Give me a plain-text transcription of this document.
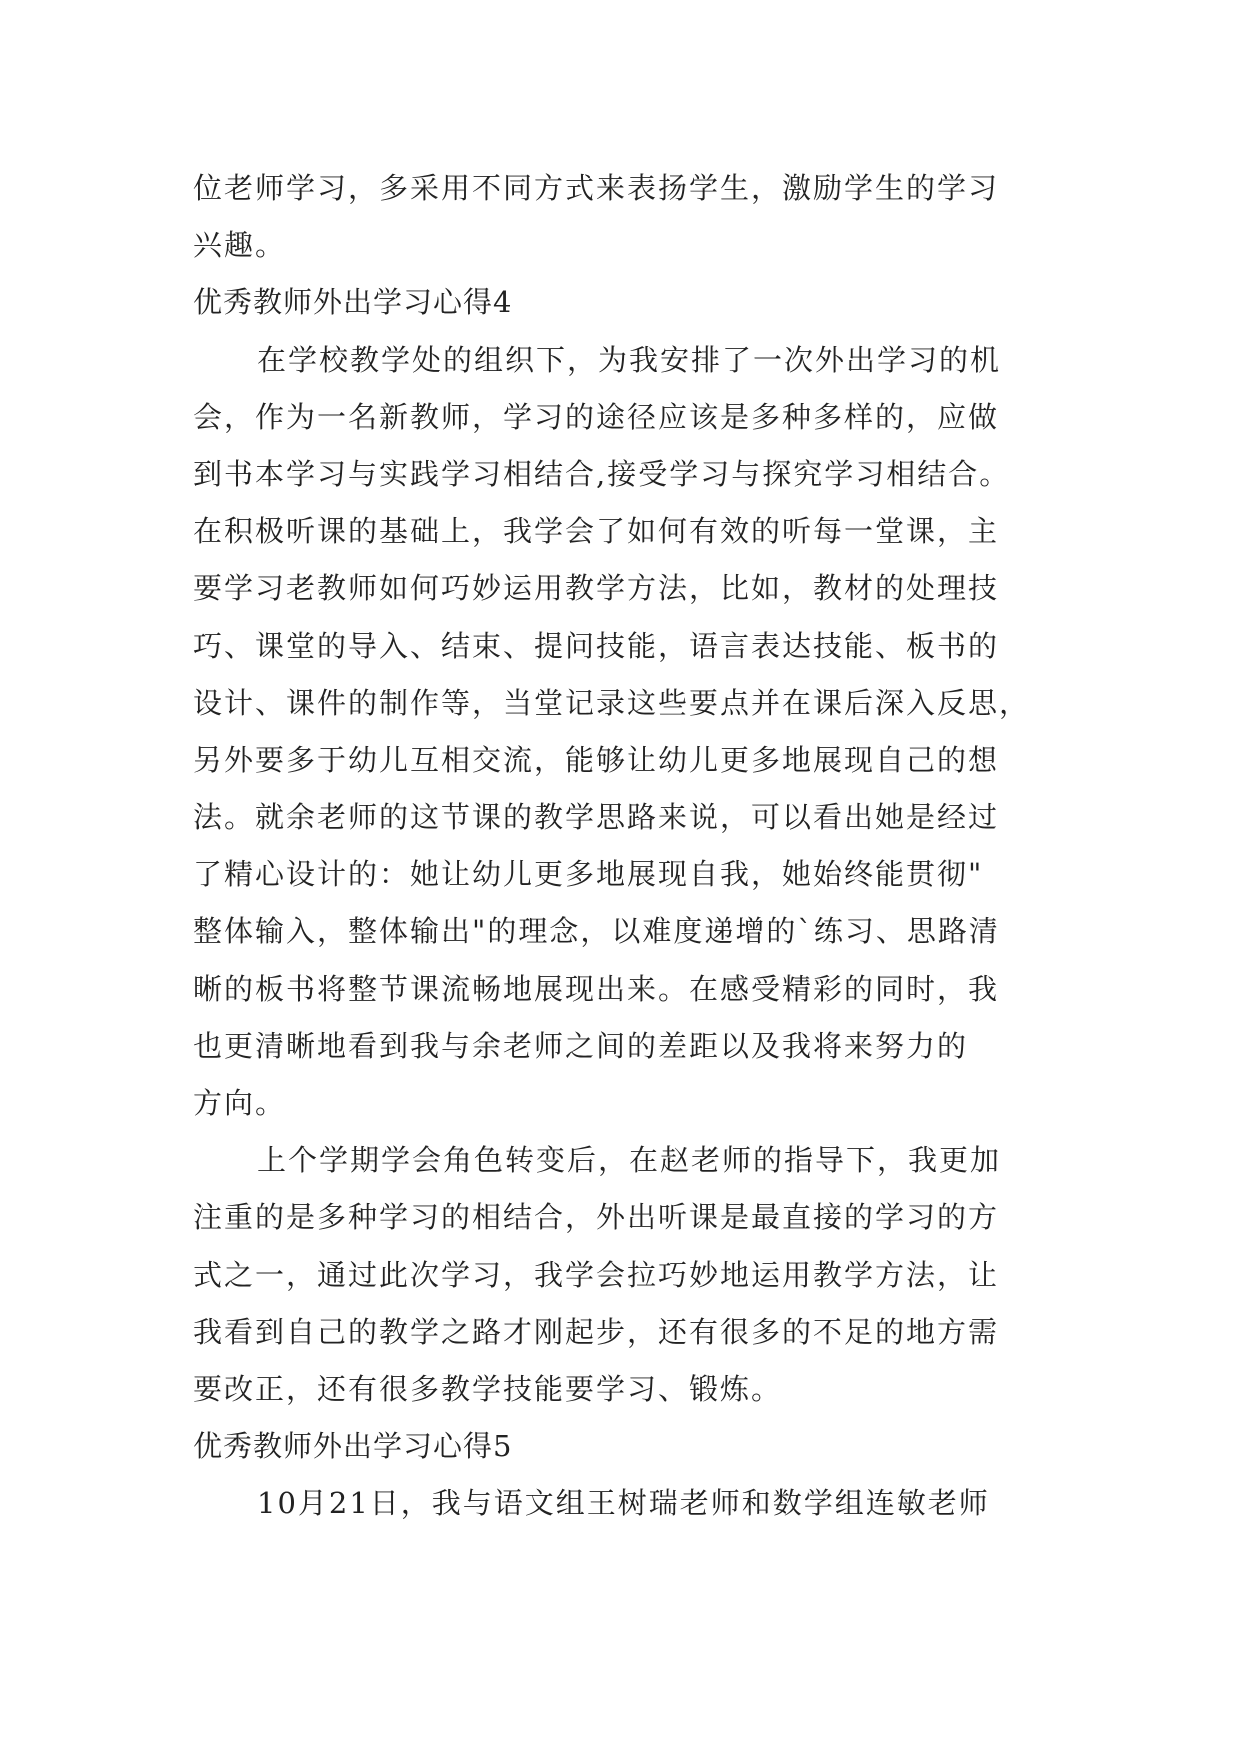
位老师学习，多采用不同方式来表扬学生，激励学生的学习
兴趣。
优秀教师外出学习心得4
在学校教学处的组织下，为我安排了一次外出学习的机
会，作为一名新教师，学习的途径应该是多种多样的，应做
到书本学习与实践学习相结合,接受学习与探究学习相结合。
在积极听课的基础上，我学会了如何有效的听每一堂课，主
要学习老教师如何巧妙运用教学方法，比如，教材的处理技
巧、课堂的导入、结束、提问技能，语言表达技能、板书的
设计、课件的制作等，当堂记录这些要点并在课后深入反思，
另外要多于幼儿互相交流，能够让幼儿更多地展现自己的想
法。就余老师的这节课的教学思路来说，可以看出她是经过
了精心设计的：她让幼儿更多地展现自我，她始终能贯彻"
整体输入，整体输出"的理念，以难度递增的`练习、思路清
晰的板书将整节课流畅地展现出来。在感受精彩的同时，我
也更清晰地看到我与余老师之间的差距以及我将来努力的
方向。
上个学期学会角色转变后，在赵老师的指导下，我更加
注重的是多种学习的相结合，外出听课是最直接的学习的方
式之一，通过此次学习，我学会拉巧妙地运用教学方法，让
我看到自己的教学之路才刚起步，还有很多的不足的地方需
要改正，还有很多教学技能要学习、锻炼。
优秀教师外出学习心得5
10月21日，我与语文组王树瑞老师和数学组连敏老师
